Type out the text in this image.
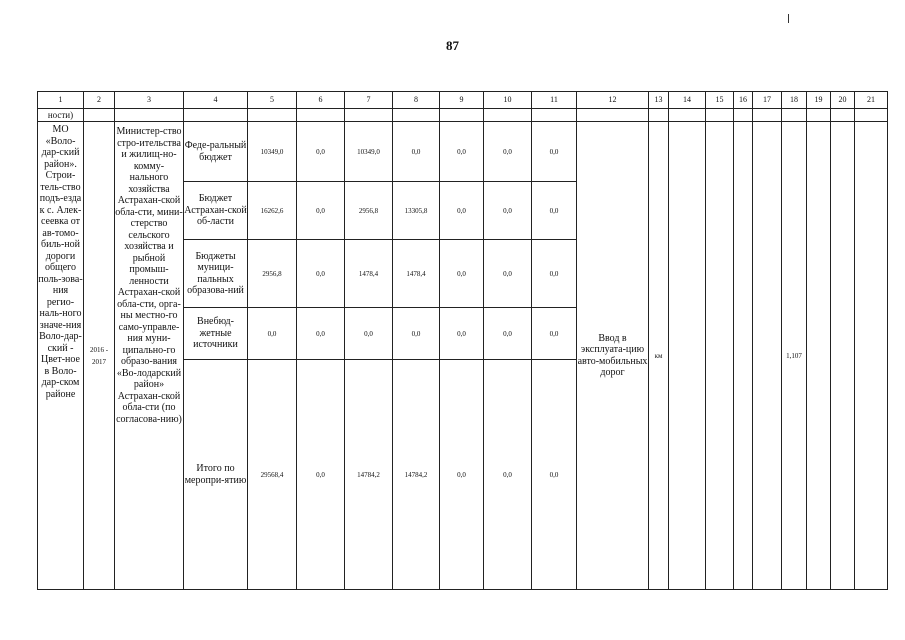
87
1	2	3	4	5	6	7	8	9	10	11	12	13	14	15	16	17	18	19	20	21
ности)																				
МО «Воло-дар-ский район». Строи-тель-ство подъ-езда к с. Алек-сеевка от ав-томо-биль-ной дороги общего поль-зова-ния регио-наль-ного значе-ния Воло-дар-ский - Цвет-ное в Воло-дар-ском районе	2016 - 2017	Министер-ство стро-ительства и жилищ-но-комму-нального хозяйства Астрахан-ской обла-сти, мини-стерство сельского хозяйства и рыбной промыш-ленности Астрахан-ской обла-сти, орга-ны местно-го само-управле-ния муни-ципально-го образо-вания «Во-лодарский район» Астрахан-ской обла-сти (по согласова-нию)	Феде-ральный бюджет	10349,0	0,0	10349,0	0,0	0,0	0,0	0,0	Ввод в эксплуата-цию авто-мобильных дорог	км					1,107			
			Бюджет Астрахан-ской об-ласти	16262,6	0,0	2956,8	13305,8	0,0	0,0	0,0										
			Бюджеты муници-пальных образова-ний	2956,8	0,0	1478,4	1478,4	0,0	0,0	0,0										
			Внебюд-жетные источники	0,0	0,0	0,0	0,0	0,0	0,0	0,0										
			Итого по меропри-ятию	29568,4	0,0	14784,2	14784,2	0,0	0,0	0,0										
